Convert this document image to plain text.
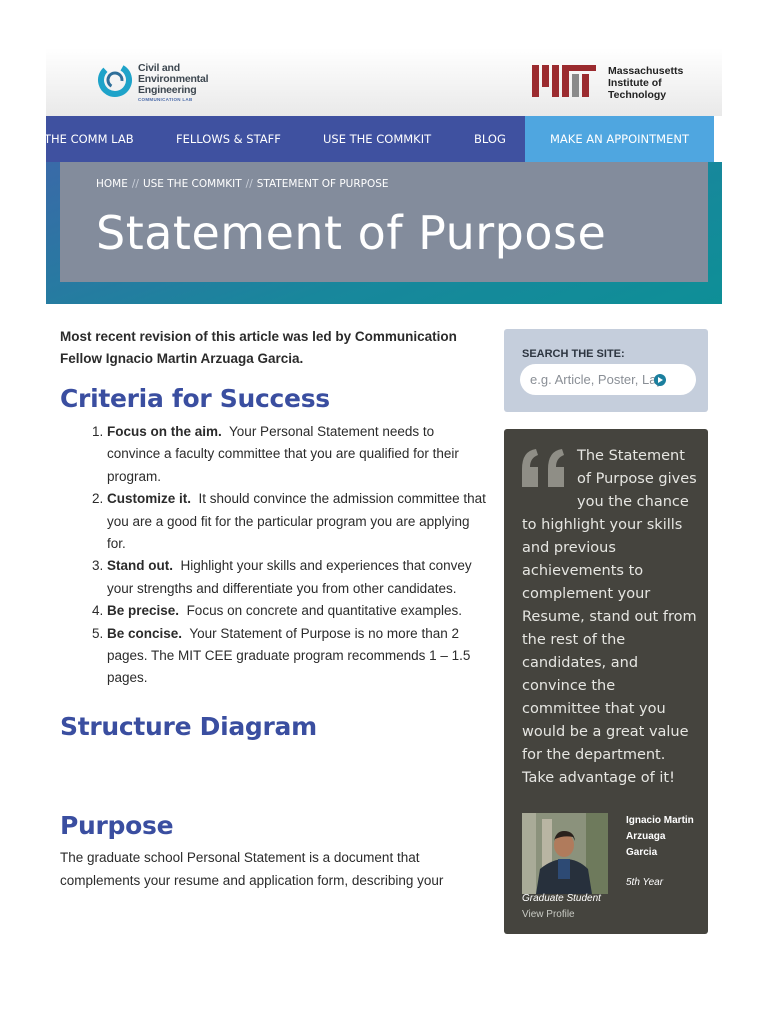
Civil and
Environmental
Engineering
COMMUNICATION LAB
Massachusetts
Institute of
Technology
THE COMM LAB	FELLOWS & STAFF	USE THE COMMKIT	BLOG	MAKE AN APPOINTMENT
HOME // USE THE COMMKIT // STATEMENT OF PURPOSE
Statement of Purpose

Most recent revision of this article was led by Communication Fellow Ignacio Martin Arzuaga Garcia.

Criteria for Success
1. Focus on the aim. Your Personal Statement needs to convince a faculty committee that you are qualified for their program.
2. Customize it. It should convince the admission committee that you are a good fit for the particular program you are applying for.
3. Stand out. Highlight your skills and experiences that convey your strengths and differentiate you from other candidates.
4. Be precise. Focus on concrete and quantitative examples.
5. Be concise. Your Statement of Purpose is no more than 2 pages. The MIT CEE graduate program recommends 1 – 1.5 pages.
Structure Diagram
Purpose

The graduate school Personal Statement is a document that complements your resume and application form, describing your

SEARCH THE SITE:
e.g. Article, Poster, Lay

The Statement of Purpose gives you the chance to highlight your skills and previous achievements to complement your Resume, stand out from the rest of the candidates, and convince the committee that you would be a great value for the department. Take advantage of it!

Ignacio Martin Arzuaga Garcia
5th Year
Graduate Student
View Profile
